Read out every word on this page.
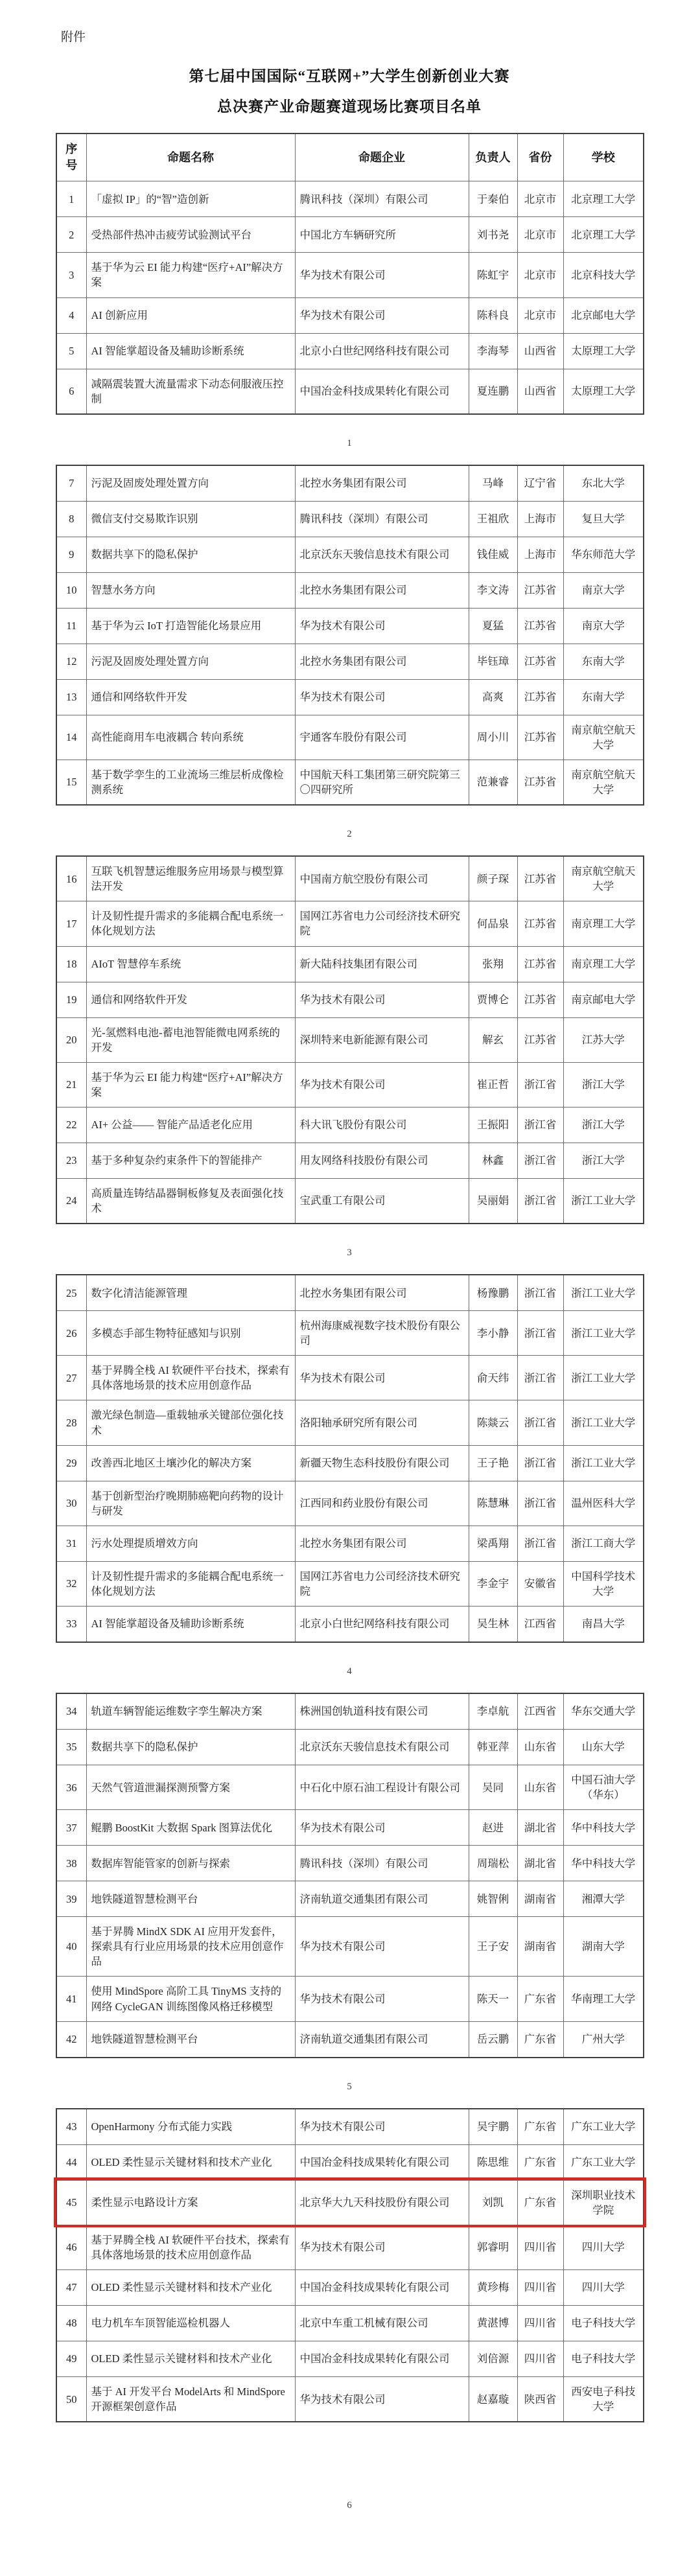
附件
第七届中国国际“互联网+”大学生创新创业大赛
总决赛产业命题赛道现场比赛项目名单
序号	命题名称	命题企业	负责人	省份	学校
1	「虚拟 IP」的“智”造创新	腾讯科技（深圳）有限公司	于秦伯	北京市	北京理工大学
2	受热部件热冲击疲劳试验测试平台	中国北方车辆研究所	刘书尧	北京市	北京理工大学
3	基于华为云 EI 能力构建“医疗+AI”解决方案	华为技术有限公司	陈虹宇	北京市	北京科技大学
4	AI 创新应用	华为技术有限公司	陈科良	北京市	北京邮电大学
5	AI 智能掌超设备及辅助诊断系统	北京小白世纪网络科技有限公司	李海琴	山西省	太原理工大学
6	减隔震装置大流量需求下动态伺服液压控制	中国冶金科技成果转化有限公司	夏连鹏	山西省	太原理工大学
1
7	污泥及固废处理处置方向	北控水务集团有限公司	马峰	辽宁省	东北大学
8	微信支付交易欺诈识别	腾讯科技（深圳）有限公司	王祖欣	上海市	复旦大学
9	数据共享下的隐私保护	北京沃东天骏信息技术有限公司	钱佳威	上海市	华东师范大学
10	智慧水务方向	北控水务集团有限公司	李文涛	江苏省	南京大学
11	基于华为云 IoT 打造智能化场景应用	华为技术有限公司	夏猛	江苏省	南京大学
12	污泥及固废处理处置方向	北控水务集团有限公司	毕钰璋	江苏省	东南大学
13	通信和网络软件开发	华为技术有限公司	高爽	江苏省	东南大学
14	高性能商用车电液耦合 转向系统	宇通客车股份有限公司	周小川	江苏省	南京航空航天大学
15	基于数学孪生的工业流场三维层析成像检测系统	中国航天科工集团第三研究院第三〇四研究所	范兼睿	江苏省	南京航空航天大学
2
16	互联飞机智慧运维服务应用场景与模型算法开发	中国南方航空股份有限公司	颜子琛	江苏省	南京航空航天大学
17	计及韧性提升需求的多能耦合配电系统一体化规划方法	国网江苏省电力公司经济技术研究院	何品泉	江苏省	南京理工大学
18	AIoT 智慧停车系统	新大陆科技集团有限公司	张翔	江苏省	南京理工大学
19	通信和网络软件开发	华为技术有限公司	贾博仑	江苏省	南京邮电大学
20	光-氢燃料电池-蓄电池智能微电网系统的开发	深圳特来电新能源有限公司	解玄	江苏省	江苏大学
21	基于华为云 EI 能力构建“医疗+AI”解决方案	华为技术有限公司	崔正哲	浙江省	浙江大学
22	AI+ 公益—— 智能产品适老化应用	科大讯飞股份有限公司	王振阳	浙江省	浙江大学
23	基于多种复杂约束条件下的智能排产	用友网络科技股份有限公司	林鑫	浙江省	浙江大学
24	高质量连铸结晶器铜板修复及表面强化技术	宝武重工有限公司	吴丽娟	浙江省	浙江工业大学
3
25	数字化清洁能源管理	北控水务集团有限公司	杨豫鹏	浙江省	浙江工业大学
26	多模态手部生物特征感知与识别	杭州海康威视数字技术股份有限公司	李小静	浙江省	浙江工业大学
27	基于昇腾全栈 AI 软硬件平台技术，探索有具体落地场景的技术应用创意作品	华为技术有限公司	俞天纬	浙江省	浙江工业大学
28	激光绿色制造—重载轴承关键部位强化技术	洛阳轴承研究所有限公司	陈燚云	浙江省	浙江工业大学
29	改善西北地区土壤沙化的解决方案	新疆天物生态科技股份有限公司	王子艳	浙江省	浙江工业大学
30	基于创新型治疗晚期肺癌靶向药物的设计与研发	江西同和药业股份有限公司	陈慧琳	浙江省	温州医科大学
31	污水处理提质增效方向	北控水务集团有限公司	梁禹翔	浙江省	浙江工商大学
32	计及韧性提升需求的多能耦合配电系统一体化规划方法	国网江苏省电力公司经济技术研究院	李金宇	安徽省	中国科学技术大学
33	AI 智能掌超设备及辅助诊断系统	北京小白世纪网络科技有限公司	吴生林	江西省	南昌大学
4
34	轨道车辆智能运维数字孪生解决方案	株洲国创轨道科技有限公司	李卓航	江西省	华东交通大学
35	数据共享下的隐私保护	北京沃东天骏信息技术有限公司	韩亚萍	山东省	山东大学
36	天然气管道泄漏探测预警方案	中石化中原石油工程设计有限公司	吴同	山东省	中国石油大学（华东）
37	鲲鹏 BoostKit 大数据 Spark 图算法优化	华为技术有限公司	赵进	湖北省	华中科技大学
38	数据库智能管家的创新与探索	腾讯科技（深圳）有限公司	周瑞松	湖北省	华中科技大学
39	地铁隧道智慧检测平台	济南轨道交通集团有限公司	姚智俐	湖南省	湘潭大学
40	基于昇腾 MindX SDK AI 应用开发套件，探索具有行业应用场景的技术应用创意作品	华为技术有限公司	王子安	湖南省	湖南大学
41	使用 MindSpore 高阶工具 TinyMS 支持的网络 CycleGAN 训练图像风格迁移模型	华为技术有限公司	陈天一	广东省	华南理工大学
42	地铁隧道智慧检测平台	济南轨道交通集团有限公司	岳云鹏	广东省	广州大学
5
43	OpenHarmony 分布式能力实践	华为技术有限公司	吴宇鹏	广东省	广东工业大学
44	OLED 柔性显示关键材料和技术产业化	中国冶金科技成果转化有限公司	陈思维	广东省	广东工业大学
45	柔性显示电路设计方案	北京华大九天科技股份有限公司	刘凯	广东省	深圳职业技术学院
46	基于昇腾全栈 AI 软硬件平台技术，探索有具体落地场景的技术应用创意作品	华为技术有限公司	郭睿明	四川省	四川大学
47	OLED 柔性显示关键材料和技术产业化	中国冶金科技成果转化有限公司	黄珍梅	四川省	四川大学
48	电力机车车顶智能巡检机器人	北京中车重工机械有限公司	黄湛博	四川省	电子科技大学
49	OLED 柔性显示关键材料和技术产业化	中国冶金科技成果转化有限公司	刘倍源	四川省	电子科技大学
50	基于 AI 开发平台 ModelArts 和 MindSpore 开源框架创意作品	华为技术有限公司	赵嘉璇	陕西省	西安电子科技大学
6
